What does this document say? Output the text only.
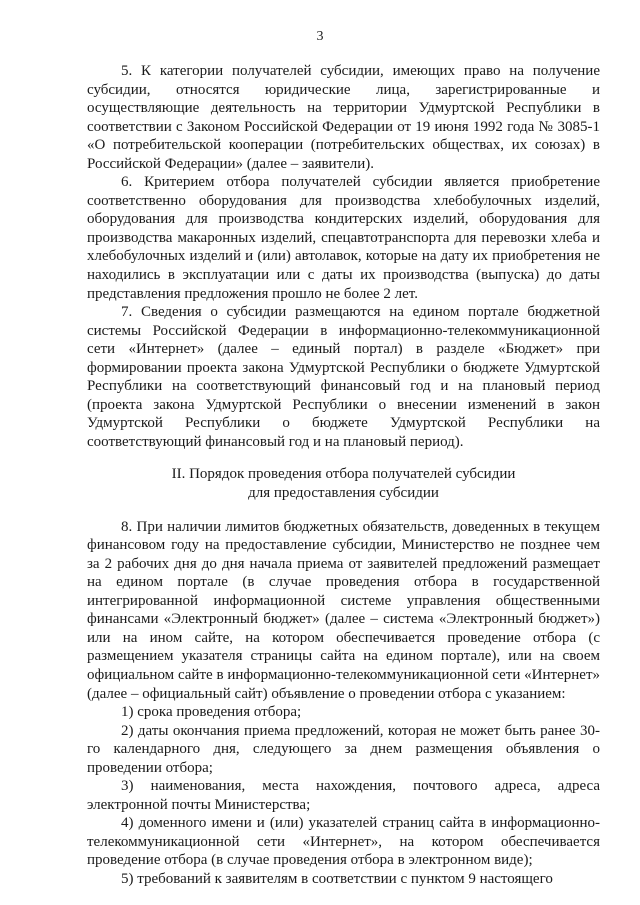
3

5. К категории получателей субсидии, имеющих право на получение субсидии, относятся юридические лица, зарегистрированные и осуществляющие деятельность на территории Удмуртской Республики в соответствии с Законом Российской Федерации от 19 июня 1992 года № 3085-1 «О потребительской кооперации (потребительских обществах, их союзах) в Российской Федерации» (далее – заявители).

6. Критерием отбора получателей субсидии является приобретение соответственно оборудования для производства хлебобулочных изделий, оборудования для производства кондитерских изделий, оборудования для производства макаронных изделий, спецавтотранспорта для перевозки хлеба и хлебобулочных изделий и (или) автолавок, которые на дату их приобретения не находились в эксплуатации или с даты их производства (выпуска) до даты представления предложения прошло не более 2 лет.

7. Сведения о субсидии размещаются на едином портале бюджетной системы Российской Федерации в информационно-телекоммуникационной сети «Интернет» (далее – единый портал) в разделе «Бюджет» при формировании проекта закона Удмуртской Республики о бюджете Удмуртской Республики на соответствующий финансовый год и на плановый период (проекта закона Удмуртской Республики о внесении изменений в закон Удмуртской Республики о бюджете Удмуртской Республики на соответствующий финансовый год и на плановый период).

II. Порядок проведения отбора получателей субсидии
для предоставления субсидии

8. При наличии лимитов бюджетных обязательств, доведенных в текущем финансовом году на предоставление субсидии, Министерство не позднее чем за 2 рабочих дня до дня начала приема от заявителей предложений размещает на едином портале (в случае проведения отбора в государственной интегрированной информационной системе управления общественными финансами «Электронный бюджет» (далее – система «Электронный бюджет») или на ином сайте, на котором обеспечивается проведение отбора (с размещением указателя страницы сайта на едином портале), или на своем официальном сайте в информационно-телекоммуникационной сети «Интернет» (далее – официальный сайт) объявление о проведении отбора с указанием:

1) срока проведения отбора;

2) даты окончания приема предложений, которая не может быть ранее 30-го календарного дня, следующего за днем размещения объявления о проведении отбора;

3) наименования, места нахождения, почтового адреса, адреса электронной почты Министерства;

4) доменного имени и (или) указателей страниц сайта в информационно-телекоммуникационной сети «Интернет», на котором обеспечивается проведение отбора (в случае проведения отбора в электронном виде);

5) требований к заявителям в соответствии с пунктом 9 настоящего
